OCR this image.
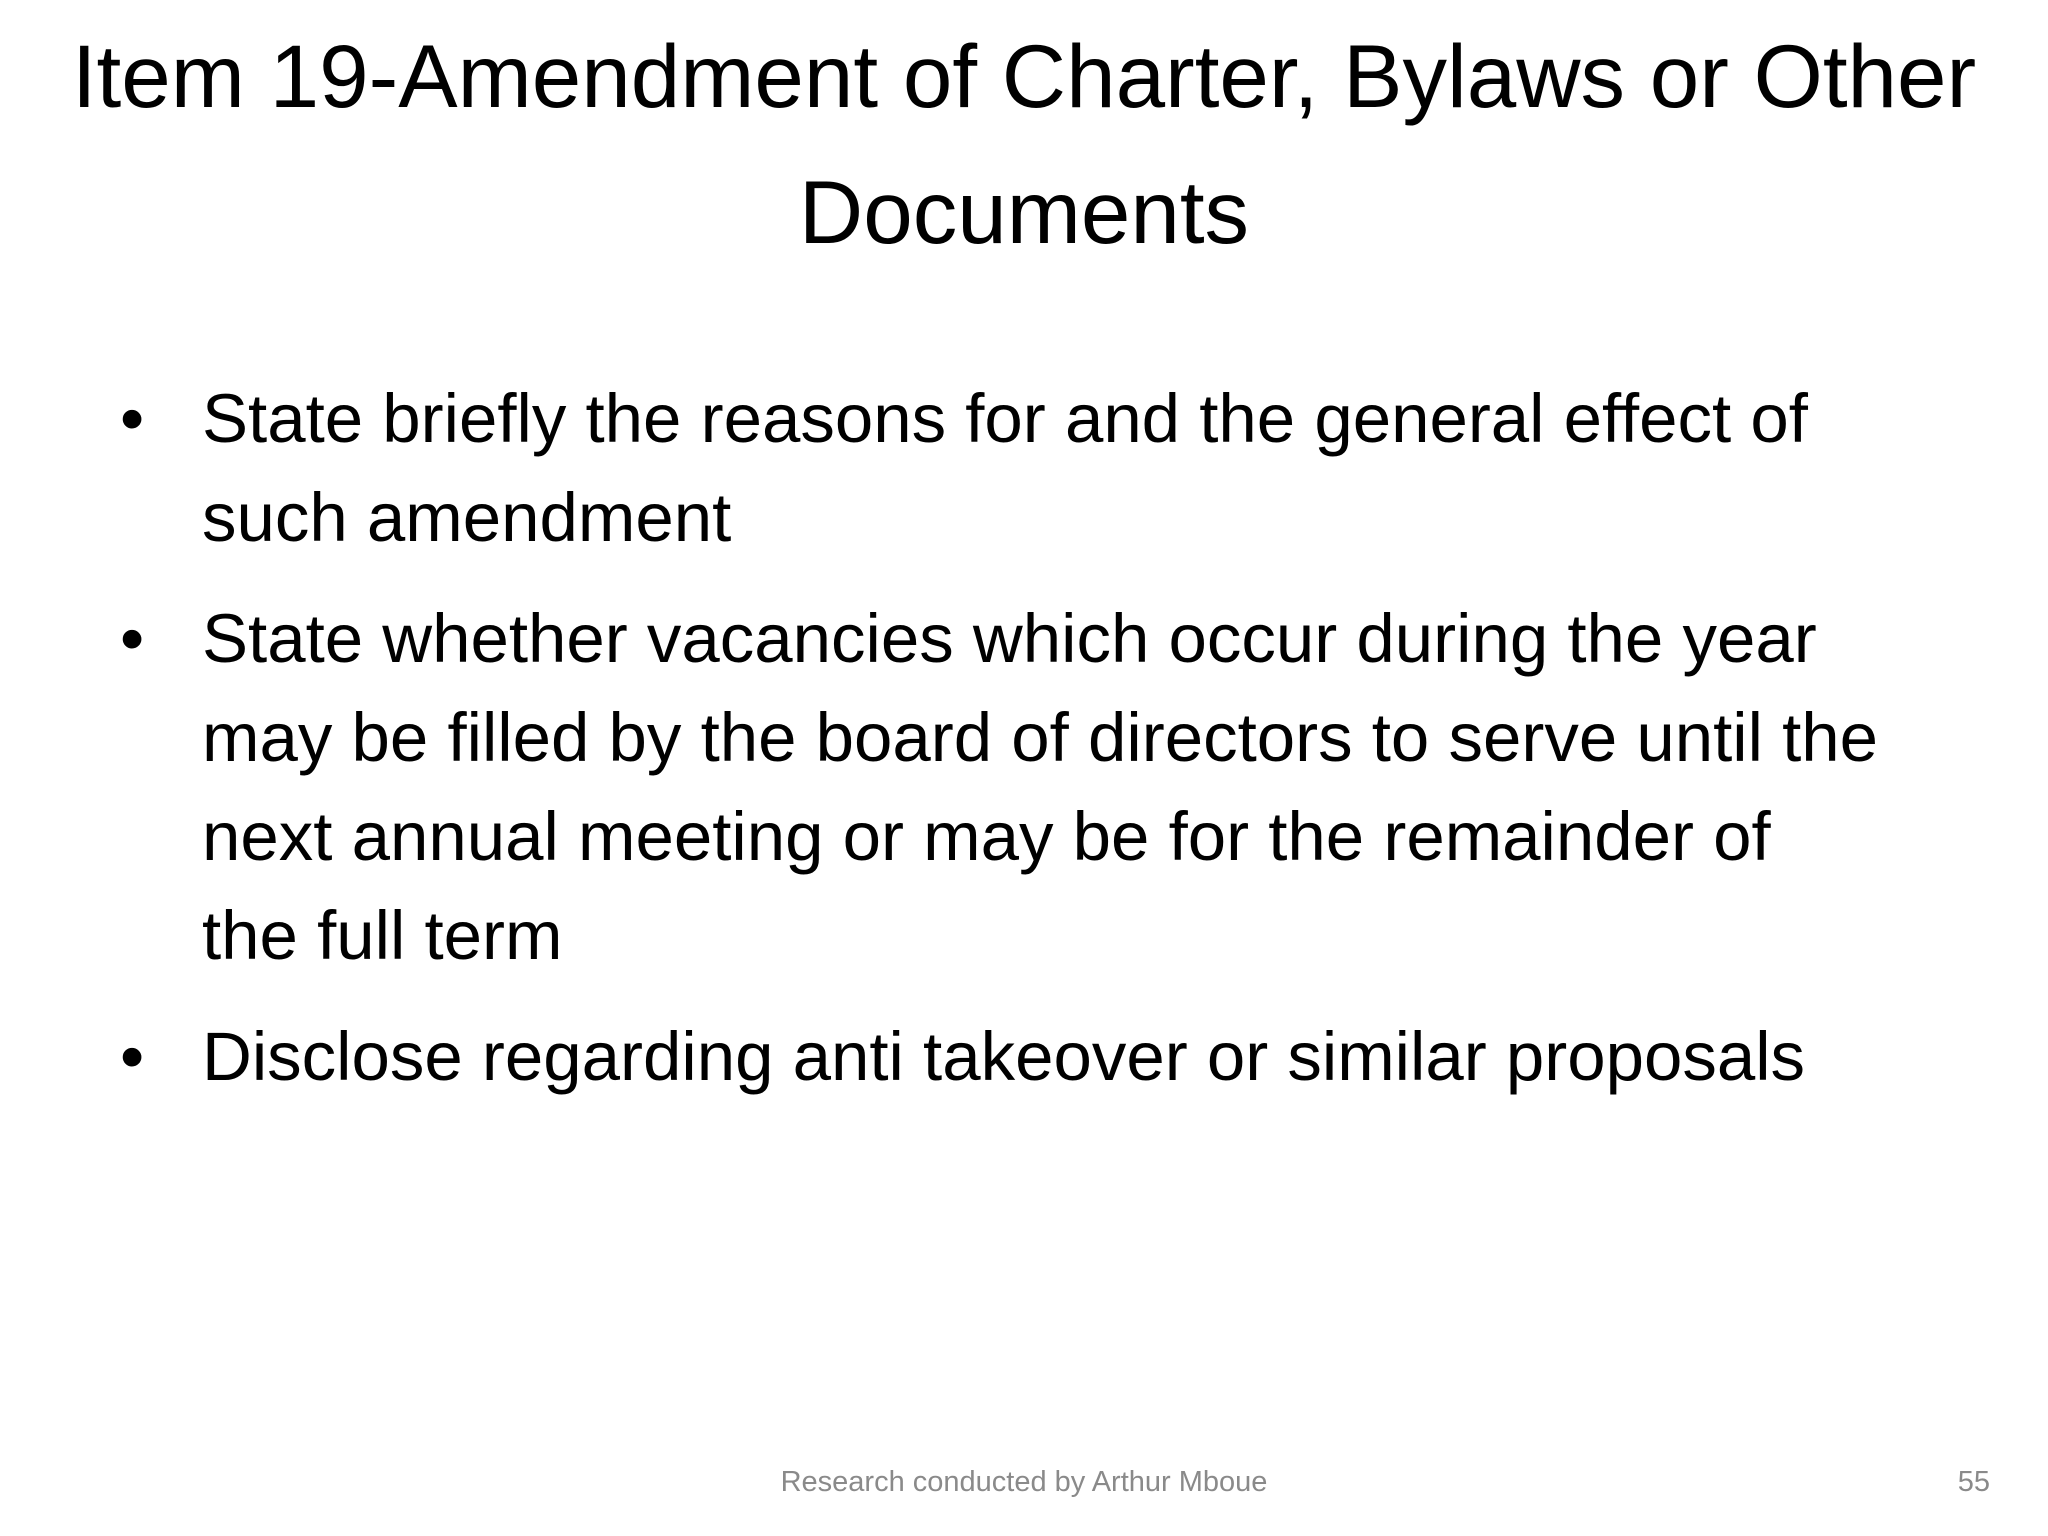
Item 19-Amendment of Charter, Bylaws or Other Documents
• State briefly the reasons for and the general effect of such amendment
• State whether vacancies which occur during the year may be filled by the board of directors to serve until the next annual meeting or may be for the remainder of the full term
• Disclose regarding anti takeover or similar proposals
Research conducted by Arthur Mboue	55
